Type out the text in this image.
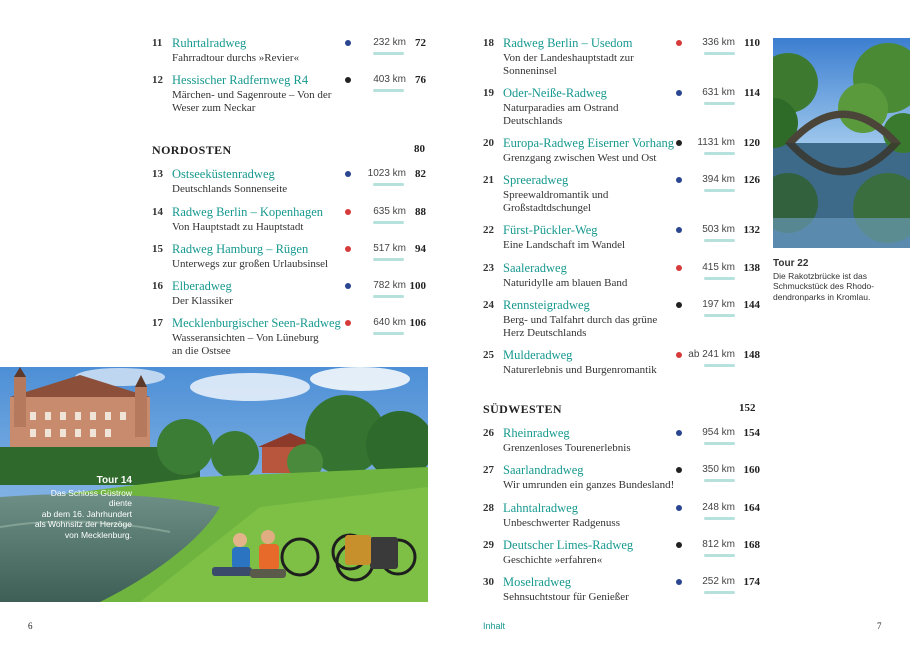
11 Ruhrtalradweg
Fahrradtour durchs »Revier«
232 km 72
12 Hessischer Radfernweg R4
Märchen- und Sagenroute – Von der
Weser zum Neckar
403 km 76
NORDOSTEN	80
13 Ostseeküstenradweg
Deutschlands Sonnenseite
1023 km 82
14 Radweg Berlin – Kopenhagen
Von Hauptstadt zu Hauptstadt
635 km 88
15 Radweg Hamburg – Rügen
Unterwegs zur großen Urlaubsinsel
517 km 94
16 Elberadweg
Der Klassiker
782 km 100
17 Mecklenburgischer Seen-Radweg
Wasseransichten – Von Lüneburg
an die Ostsee
640 km 106
Tour 14
Das Schloss Güstrow diente
ab dem 16. Jahrhundert
als Wohnsitz der Herzöge
von Mecklenburg.
6
18 Radweg Berlin – Usedom
Von der Landeshauptstadt zur
Sonneninsel
336 km 110
19 Oder-Neiße-Radweg
Naturparadies am Ostrand
Deutschlands
631 km 114
20 Europa-Radweg Eiserner Vorhang
Grenzgang zwischen West und Ost
1131 km 120
21 Spreeradweg
Spreewaldromantik und
Großstadtdschungel
394 km 126
22 Fürst-Pückler-Weg
Eine Landschaft im Wandel
503 km 132
23 Saaleradweg
Naturidylle am blauen Band
415 km 138
24 Rennsteigradweg
Berg- und Talfahrt durch das grüne
Herz Deutschlands
197 km 144
25 Mulderadweg
Naturerlebnis und Burgenromantik
ab 241 km 148
SÜDWESTEN	152
26 Rheinradweg
Grenzenloses Tourenerlebnis
954 km 154
27 Saarlandradweg
Wir umrunden ein ganzes Bundesland!
350 km 160
28 Lahntalradweg
Unbeschwerter Radgenuss
248 km 164
29 Deutscher Limes-Radweg
Geschichte »erfahren«
812 km 168
30 Moselradweg
Sehnsuchtstour für Genießer
252 km 174
Tour 22
Die Rakotzbrücke ist das
Schmuckstück des Rhodo-
dendronparks in Kromlau.
Inhalt	7
